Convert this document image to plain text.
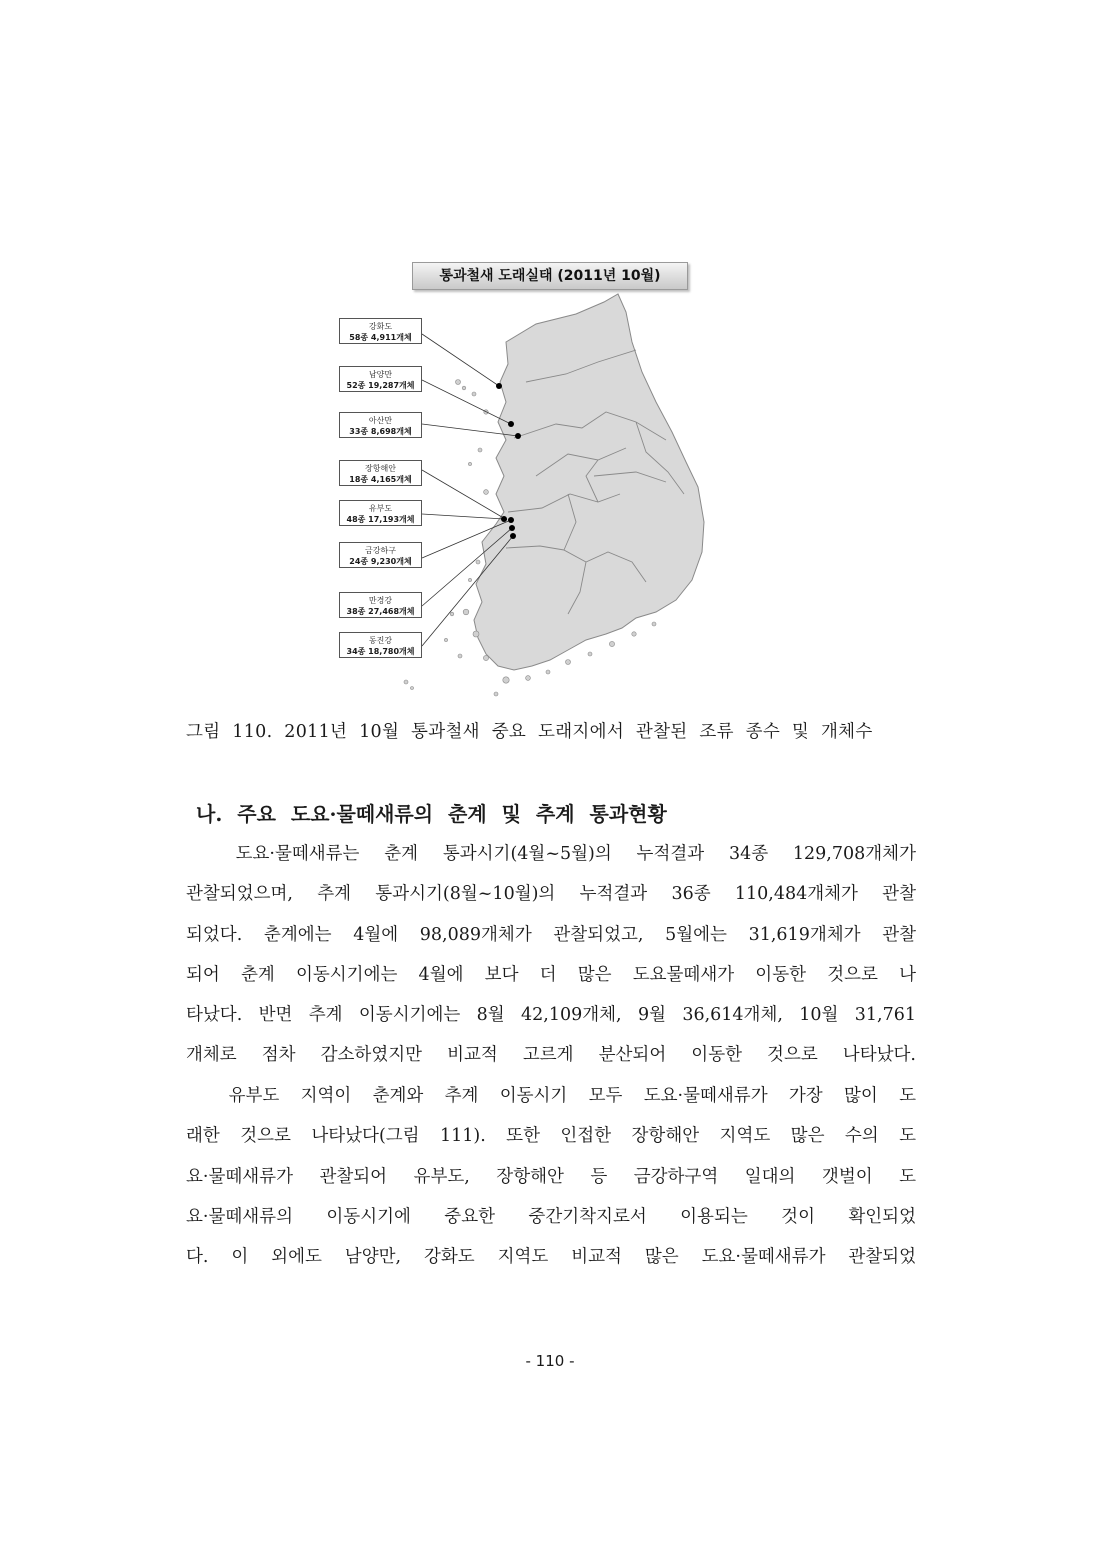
통과철새 도래실태 (2011년 10월)
강화도
58종 4,911개체
남양만
52종 19,287개체
아산만
33종 8,698개체
장항해안
18종 4,165개체
유부도
48종 17,193개체
금강하구
24종 9,230개체
만경강
38종 27,468개체
동진강
34종 18,780개체
그림 110. 2011년 10월 통과철새 중요 도래지에서 관찰된 조류 종수 및 개체수
나. 주요 도요·물떼새류의 춘계 및 추계 통과현황
도요·물떼새류는 춘계 통과시기(4월~5월)의 누적결과 34종 129,708개체가
관찰되었으며, 추계 통과시기(8월~10월)의 누적결과 36종 110,484개체가 관찰
되었다. 춘계에는 4월에 98,089개체가 관찰되었고, 5월에는 31,619개체가 관찰
되어 춘계 이동시기에는 4월에 보다 더 많은 도요물떼새가 이동한 것으로 나
타났다. 반면 추계 이동시기에는 8월 42,109개체, 9월 36,614개체, 10월 31,761
개체로 점차 감소하였지만 비교적 고르게 분산되어 이동한 것으로 나타났다.
유부도 지역이 춘계와 추계 이동시기 모두 도요·물떼새류가 가장 많이 도
래한 것으로 나타났다(그림 111). 또한 인접한 장항해안 지역도 많은 수의 도
요·물떼새류가 관찰되어 유부도, 장항해안 등 금강하구역 일대의 갯벌이 도
요·물떼새류의 이동시기에 중요한 중간기착지로서 이용되는 것이 확인되었
다. 이 외에도 남양만, 강화도 지역도 비교적 많은 도요·물떼새류가 관찰되었
- 110 -
